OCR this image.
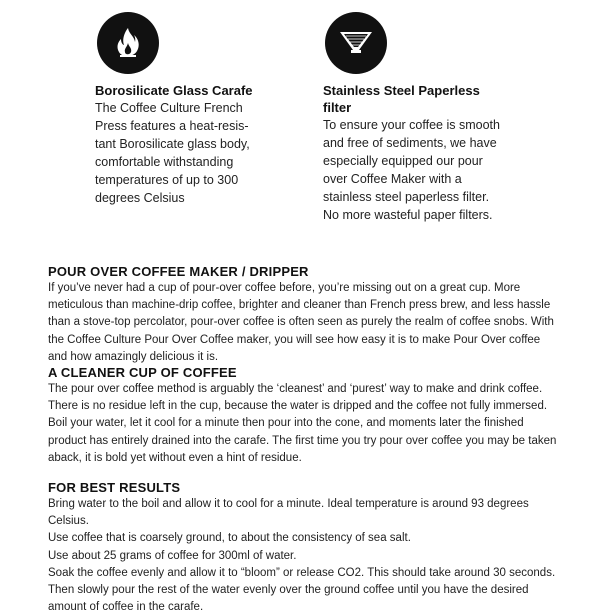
Borosilicate Glass Carafe
The Coffee Culture French Press features a heat-resis- tant Borosilicate glass body, comfortable withstanding temperatures of up to 300 degrees Celsius
Stainless Steel Paperless filter
To ensure your coffee is smooth and free of sediments, we have especially equipped our pour over Coffee Maker with a stainless steel paperless filter. No more wasteful paper filters.
POUR OVER COFFEE MAKER / DRIPPER
If you’ve never had a cup of pour-over coffee before, you’re missing out on a great cup. More meticulous than machine-drip coffee, brighter and cleaner than French press brew, and less hassle than a stove-top percolator, pour-over coffee is often seen as purely the realm of coffee snobs. With the Coffee Culture Pour Over Coffee maker, you will see how easy it is to make Pour Over coffee and how amazingly delicious it is.
A CLEANER CUP OF COFFEE
The pour over coffee method is arguably the ‘cleanest’ and ‘purest’ way to make and drink coffee. There is no residue left in the cup, because the water is dripped and the coffee not fully immersed. Boil your water, let it cool for a minute then pour into the cone, and moments later the finished product has entirely drained into the carafe. The first time you try pour over coffee you may be taken aback, it is bold yet without even a hint of residue.
FOR BEST RESULTS

Bring water to the boil and allow it to cool for a minute. Ideal temperature is around 93 degrees Celsius.

Use coffee that is coarsely ground, to about the consistency of sea salt.

Use about 25 grams of coffee for 300ml of water.

Soak the coffee evenly and allow it to “bloom” or release CO2. This should take around 30 seconds.

Then slowly pour the rest of the water evenly over the ground coffee until you have the desired amount of coffee in the carafe.
